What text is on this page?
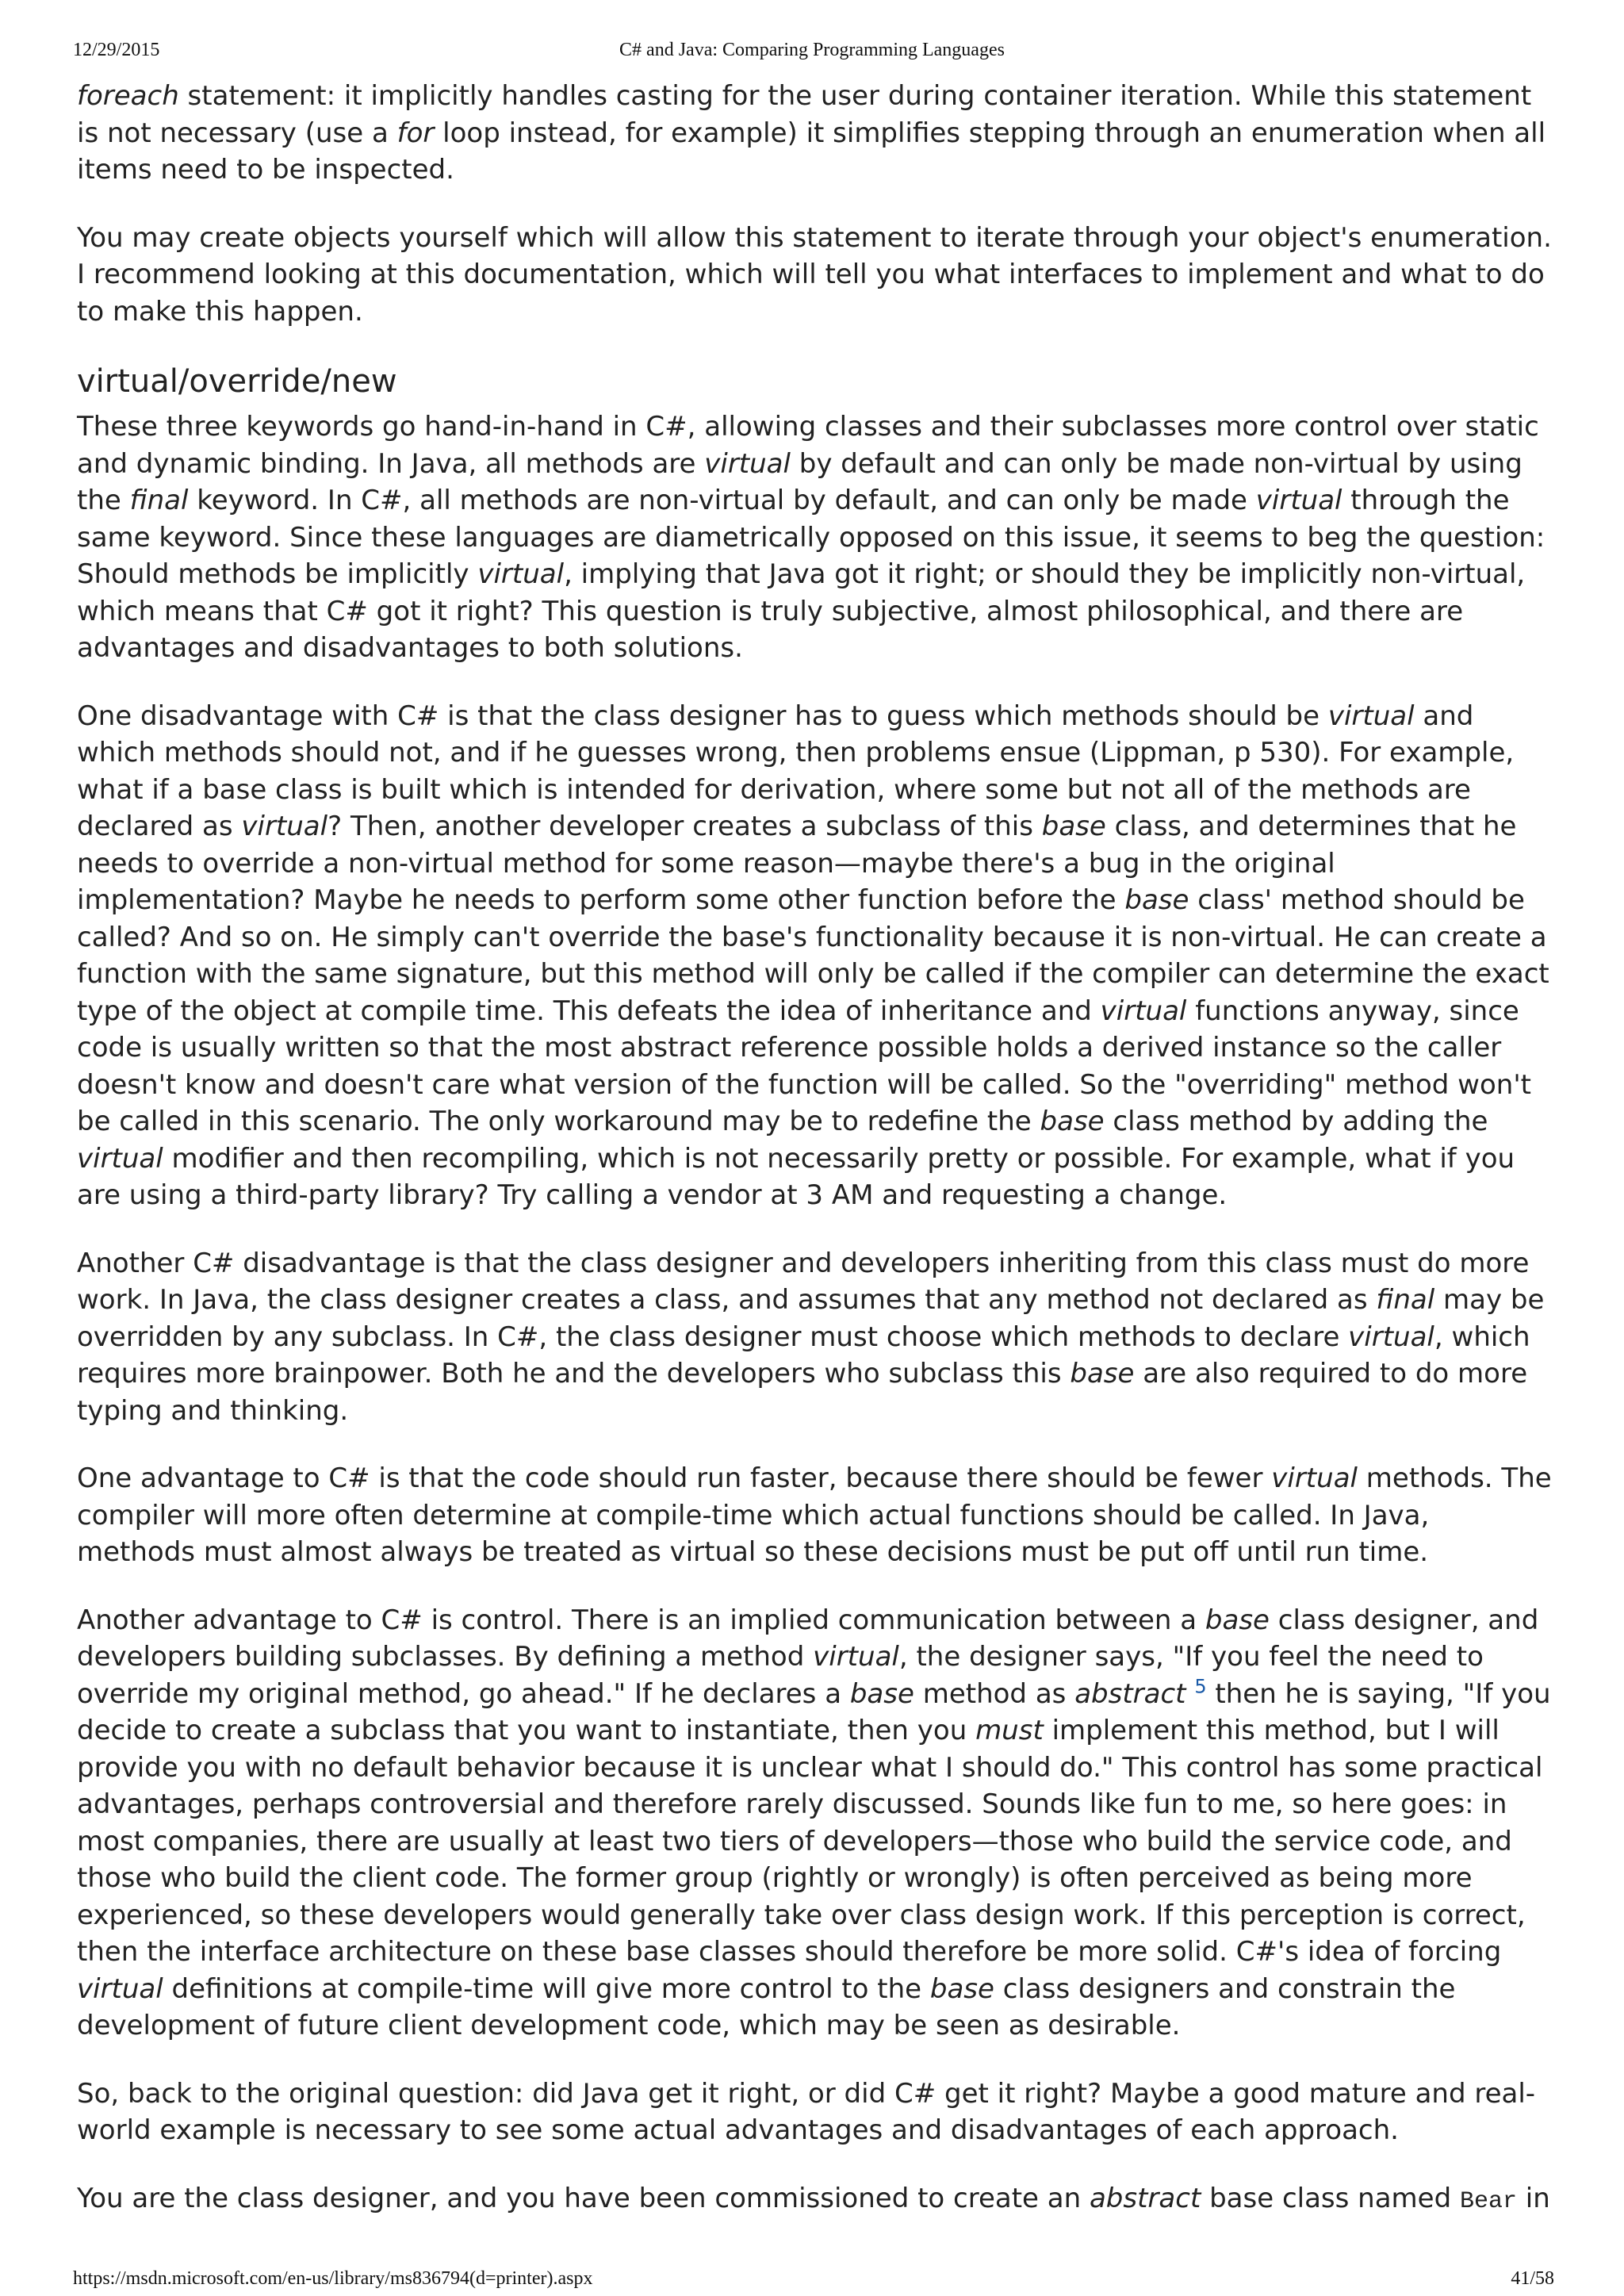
12/29/2015	C# and Java: Comparing Programming Languages

foreach statement: it implicitly handles casting for the user during container iteration. While this statement is not necessary (use a for loop instead, for example) it simplifies stepping through an enumeration when all items need to be inspected.

You may create objects yourself which will allow this statement to iterate through your object's enumeration. I recommend looking at this documentation, which will tell you what interfaces to implement and what to do to make this happen.

virtual/override/new

These three keywords go hand-in-hand in C#, allowing classes and their subclasses more control over static and dynamic binding. In Java, all methods are virtual by default and can only be made non-virtual by using the final keyword. In C#, all methods are non-virtual by default, and can only be made virtual through the same keyword. Since these languages are diametrically opposed on this issue, it seems to beg the question: Should methods be implicitly virtual, implying that Java got it right; or should they be implicitly non-virtual, which means that C# got it right? This question is truly subjective, almost philosophical, and there are advantages and disadvantages to both solutions.

One disadvantage with C# is that the class designer has to guess which methods should be virtual and which methods should not, and if he guesses wrong, then problems ensue (Lippman, p 530). For example, what if a base class is built which is intended for derivation, where some but not all of the methods are declared as virtual? Then, another developer creates a subclass of this base class, and determines that he needs to override a non-virtual method for some reason—maybe there's a bug in the original implementation? Maybe he needs to perform some other function before the base class' method should be called? And so on. He simply can't override the base's functionality because it is non-virtual. He can create a function with the same signature, but this method will only be called if the compiler can determine the exact type of the object at compile time. This defeats the idea of inheritance and virtual functions anyway, since code is usually written so that the most abstract reference possible holds a derived instance so the caller doesn't know and doesn't care what version of the function will be called. So the "overriding" method won't be called in this scenario. The only workaround may be to redefine the base class method by adding the virtual modifier and then recompiling, which is not necessarily pretty or possible. For example, what if you are using a third-party library? Try calling a vendor at 3 AM and requesting a change.

Another C# disadvantage is that the class designer and developers inheriting from this class must do more work. In Java, the class designer creates a class, and assumes that any method not declared as final may be overridden by any subclass. In C#, the class designer must choose which methods to declare virtual, which requires more brainpower. Both he and the developers who subclass this base are also required to do more typing and thinking.

One advantage to C# is that the code should run faster, because there should be fewer virtual methods. The compiler will more often determine at compile-time which actual functions should be called. In Java, methods must almost always be treated as virtual so these decisions must be put off until run time.

Another advantage to C# is control. There is an implied communication between a base class designer, and developers building subclasses. By defining a method virtual, the designer says, "If you feel the need to override my original method, go ahead." If he declares a base method as abstract $^5$ then he is saying, "If you decide to create a subclass that you want to instantiate, then you must implement this method, but I will provide you with no default behavior because it is unclear what I should do." This control has some practical advantages, perhaps controversial and therefore rarely discussed. Sounds like fun to me, so here goes: in most companies, there are usually at least two tiers of developers—those who build the service code, and those who build the client code. The former group (rightly or wrongly) is often perceived as being more experienced, so these developers would generally take over class design work. If this perception is correct, then the interface architecture on these base classes should therefore be more solid. C#'s idea of forcing virtual definitions at compile-time will give more control to the base class designers and constrain the development of future client development code, which may be seen as desirable.

So, back to the original question: did Java get it right, or did C# get it right? Maybe a good mature and real-world example is necessary to see some actual advantages and disadvantages of each approach.

You are the class designer, and you have been commissioned to create an abstract base class named Bear in

https://msdn.microsoft.com/en-us/library/ms836794(d=printer).aspx	41/58
